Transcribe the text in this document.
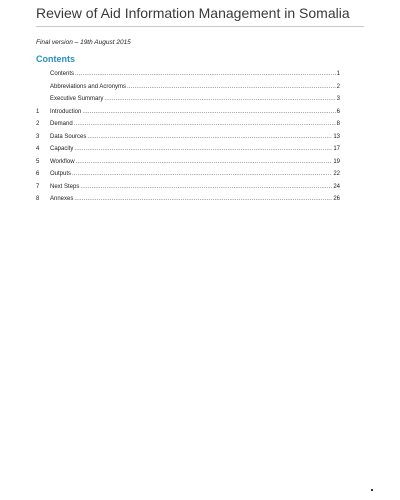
Review of Aid Information Management in Somalia
Final version – 19th August 2015
Contents
Contents .....	1
Abbreviations and Acronyms .....	2
Executive Summary .....	3
1	Introduction .....	6
2	Demand .....	8
3	Data Sources .....	13
4	Capacity .....	17
5	Workflow .....	19
6	Outputs .....	22
7	Next Steps .....	24
8	Annexes .....	26
